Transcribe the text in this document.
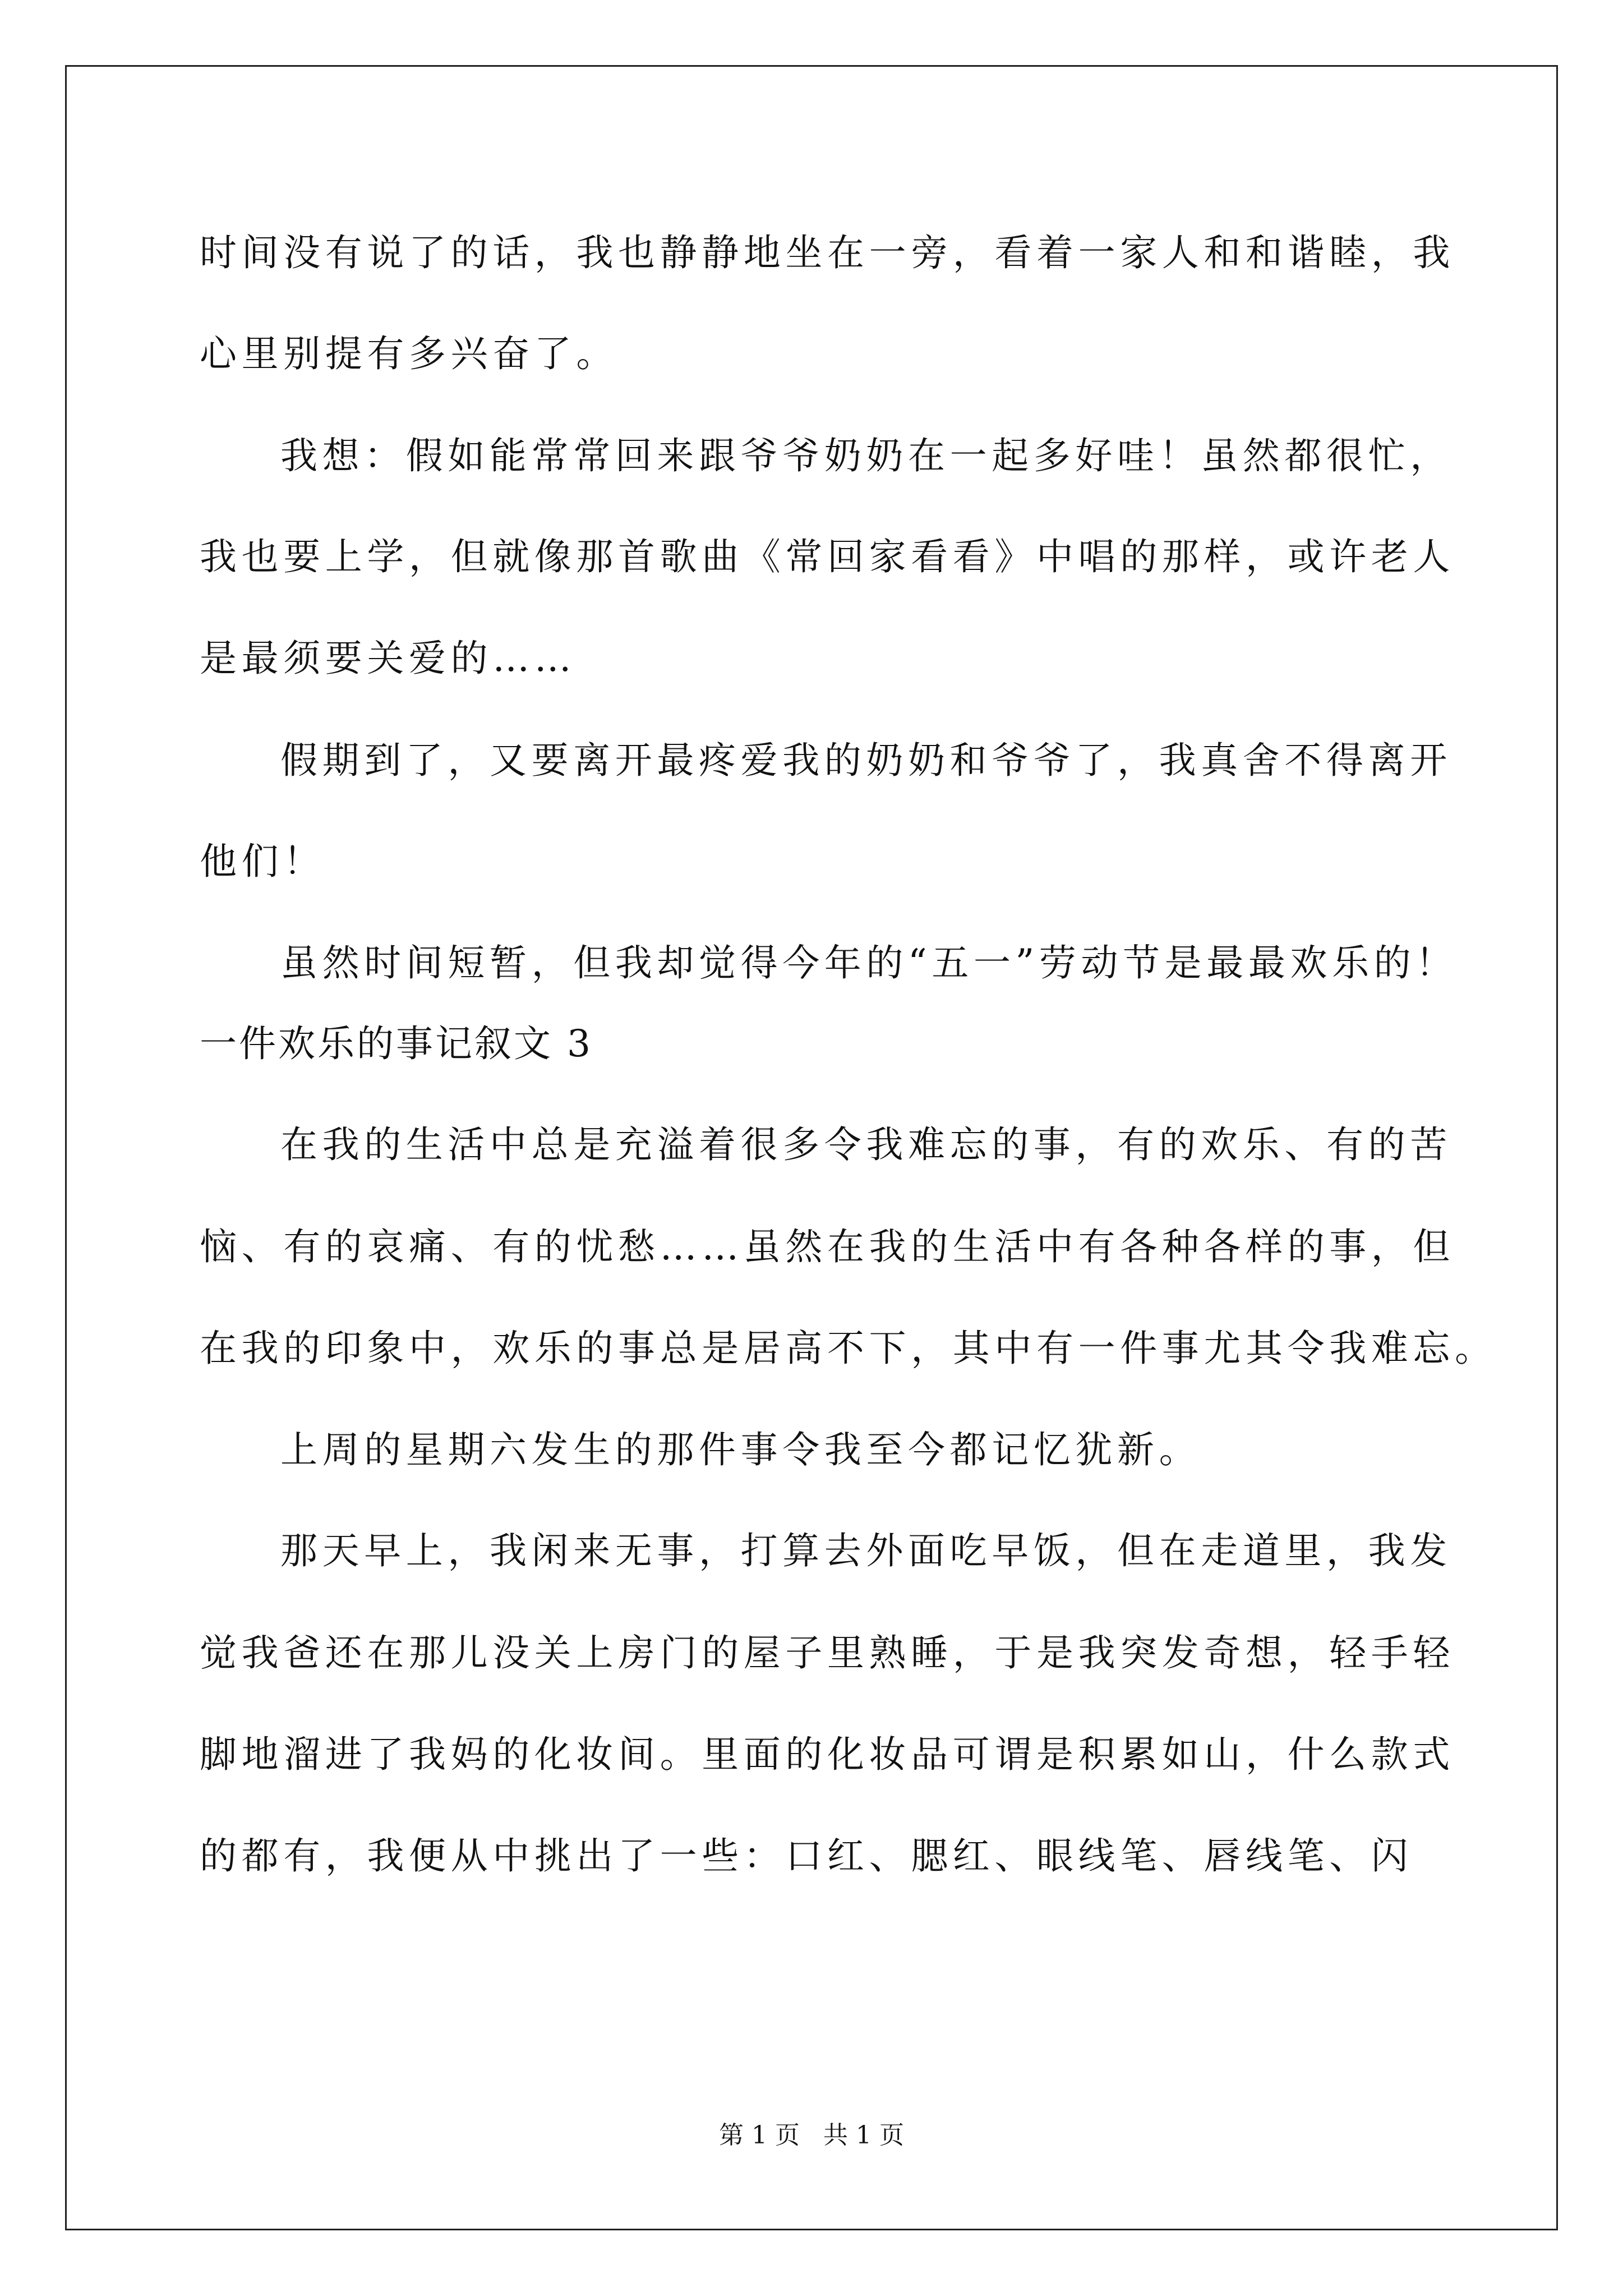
时间没有说了的话，我也静静地坐在一旁，看着一家人和和谐睦，我
心里别提有多兴奋了。
我想：假如能常常回来跟爷爷奶奶在一起多好哇！虽然都很忙，
我也要上学，但就像那首歌曲《常回家看看》中唱的那样，或许老人
是最须要关爱的……
假期到了，又要离开最疼爱我的奶奶和爷爷了，我真舍不得离开
他们！
虽然时间短暂，但我却觉得今年的“五一”劳动节是最最欢乐的！
一件欢乐的事记叙文 3
在我的生活中总是充溢着很多令我难忘的事，有的欢乐、有的苦
恼、有的哀痛、有的忧愁……虽然在我的生活中有各种各样的事，但
在我的印象中，欢乐的事总是居高不下，其中有一件事尤其令我难忘。
上周的星期六发生的那件事令我至今都记忆犹新。
那天早上，我闲来无事，打算去外面吃早饭，但在走道里，我发
觉我爸还在那儿没关上房门的屋子里熟睡，于是我突发奇想，轻手轻
脚地溜进了我妈的化妆间。里面的化妆品可谓是积累如山，什么款式
的都有，我便从中挑出了一些：口红、腮红、眼线笔、唇线笔、闪
第 1 页   共 1 页
